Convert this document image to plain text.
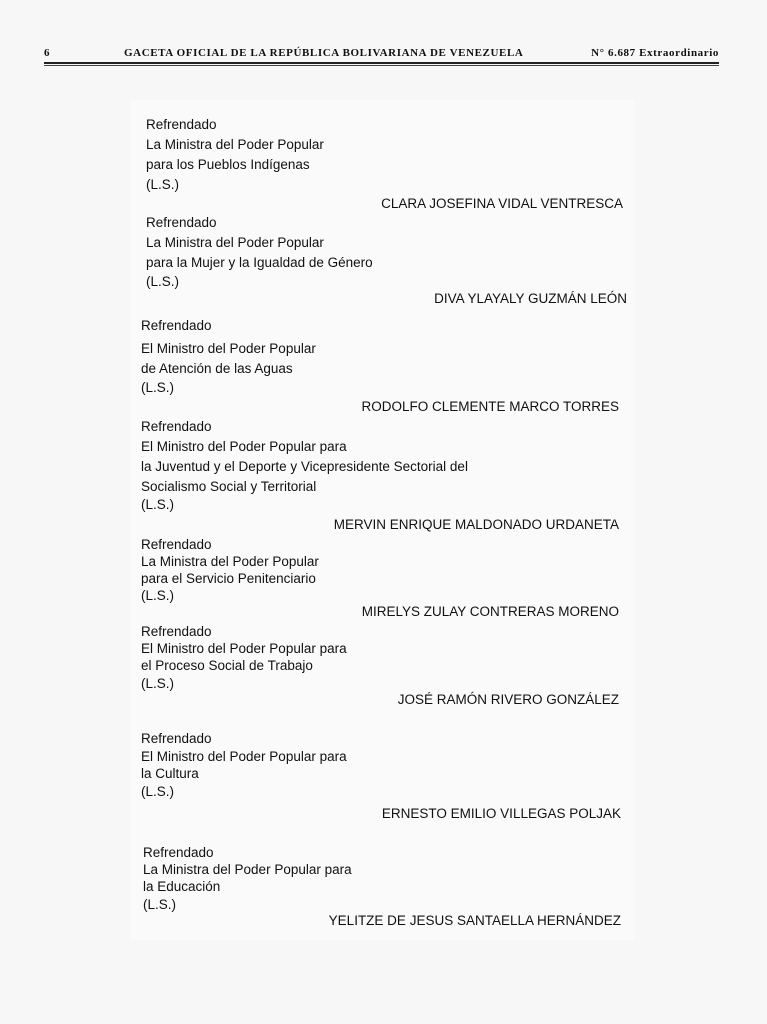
6	GACETA OFICIAL DE LA REPÚBLICA BOLIVARIANA DE VENEZUELA	N° 6.687 Extraordinario
Refrendado
La Ministra del Poder Popular
para los Pueblos Indígenas
(L.S.)
CLARA JOSEFINA VIDAL VENTRESCA
Refrendado
La Ministra del Poder Popular
para la Mujer y la Igualdad de Género
(L.S.)
DIVA YLAYALY GUZMÁN LEÓN
Refrendado
El Ministro del Poder Popular
de Atención de las Aguas
(L.S.)
RODOLFO CLEMENTE MARCO TORRES
Refrendado
El Ministro del Poder Popular para
la Juventud y el Deporte y Vicepresidente Sectorial del
Socialismo Social y Territorial
(L.S.)
MERVIN ENRIQUE MALDONADO URDANETA
Refrendado
La Ministra del Poder Popular
para el Servicio Penitenciario
(L.S.)
MIRELYS ZULAY CONTRERAS MORENO
Refrendado
El Ministro del Poder Popular para
el Proceso Social de Trabajo
(L.S.)
JOSÉ RAMÓN RIVERO GONZÁLEZ
Refrendado
El Ministro del Poder Popular para
la Cultura
(L.S.)
ERNESTO EMILIO VILLEGAS POLJAK
Refrendado
La Ministra del Poder Popular para
la Educación
(L.S.)
YELITZE DE JESUS SANTAELLA HERNÁNDEZ
